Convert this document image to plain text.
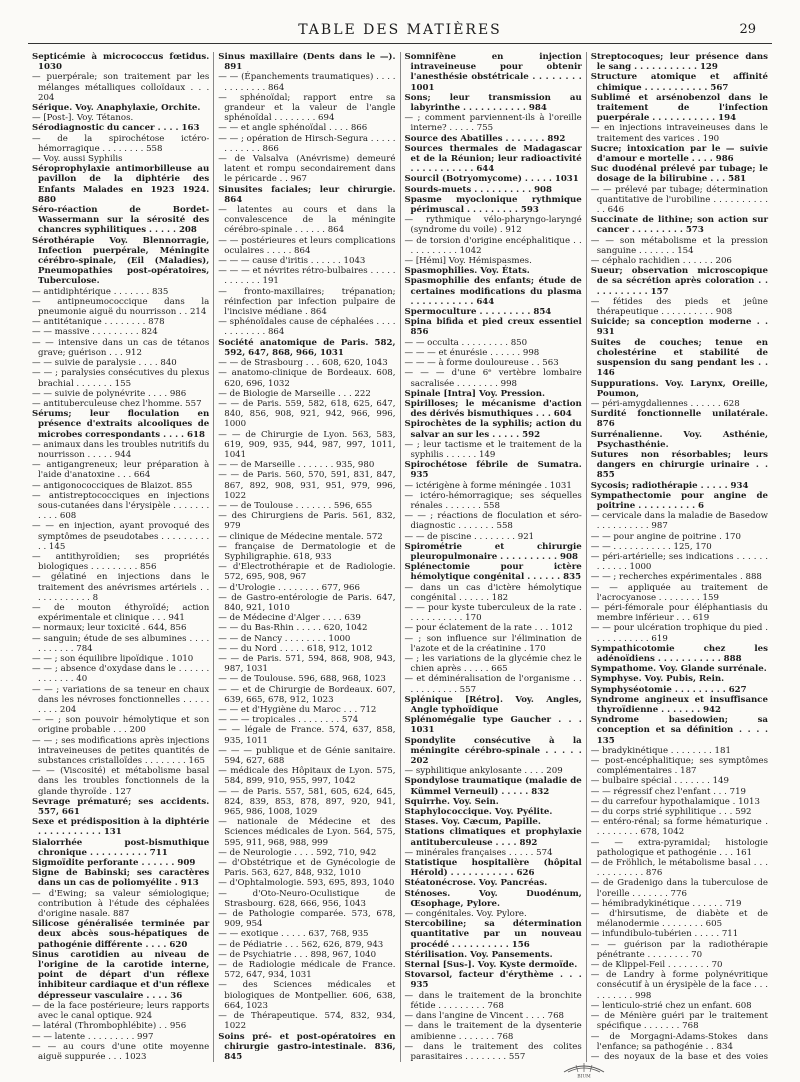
TABLE DES MATIÈRES	29

Septicémie à micrococcus fœtidus. 1030

— puerpérale; son traitement par les mélanges métalliques colloïdaux . . . 204

Sérique. Voy. Anaphylaxie, Orchite.

— [Post-]. Voy. Tétanos.

Sérodiagnostic du cancer . . . . 163

— de la spirochétose ictéro-hémorragique . . . . . . . . 558

— Voy. aussi Syphilis

Séroprophylaxie antimorbilleuse au pavillon de la diphtérie des Enfants Malades en 1923 1924. 880

Séro-réaction de Bordet-Wassermann sur la sérosité des chancres syphilitiques . . . . . 208

Sérothérapie Voy. Blennorragie, Infection puerpérale, Méningite cérébro-spinale, (Eil (Maladies), Pneumopathies post-opératoires, Tuberculose.

— antidiphtérique . . . . . . . 835

— antipneumococcique dans la pneumonie aiguë du nourrisson . . 214

— antitétanique . . . . . . . . 878

— — massive . . . . . . . . . 824

— — intensive dans un cas de tétanos grave; guérison . . . 912

— — suivie de paralysie . . . . 840

— — ; paralysies consécutives du plexus brachial . . . . . . . 155

— — suivie de polynévrite . . . . 986

— antituberculeuse chez l'homme. 557

Sérums; leur floculation en présence d'extraits alcooliques de microbes correspondants . . . . 618

— animaux dans les troubles nutritifs du nourrisson . . . . . 944

— antigangreneux; leur préparation à l'aide d'anatoxine . . . 664

— antigonococciques de Blaizot. 855

— antistreptococciques en injections sous-cutanées dans l'érysipèle . . . . . . . . . . . 608

— — en injection, ayant provoqué des symptômes de pseudotabes . . . . . . . . . . . 145

— antithyroïdien; ses propriétés biologiques . . . . . . . . . 856

— gélatiné en injections dans le traitement des anévrismes artériels . . . . . . . . . . . . 8

— de mouton éthyroïdé; action expérimentale et clinique . . . 941

— normaux; leur toxicité . 644, 856

— sanguin; étude de ses albumines . . . . . . . . . . . 784

— — ; son équilibre lipoïdique . 1010

— — ; absence d'oxydase dans le . . . . . . . . . . . . . 40

— — ; variations de sa teneur en chaux dans les névroses fonctionnelles . . . . . . . . . 204

— — ; son pouvoir hémolytique et son origine probable . . . 200

— — ; ses modifications après injections intraveineuses de petites quantités de substances cristalloïdes . . . . . . . . 165

— — (Viscosité) et métabolisme basal dans les troubles fonctionnels de la glande thyroïde . 127

Sevrage prématuré; ses accidents. 557, 661

Sexe et prédisposition à la diphtérie . . . . . . . . . . . 131

Sialorrhée post-bismuthique chronique . . . . . . . . . . 711

Sigmoïdite perforante . . . . . . 909

Signe de Babinski; ses caractères dans un cas de poliomyélite . 913

— d'Ewing; sa valeur sémiologique; contribution à l'étude des céphalées d'origine nasale. 887

Silicose généralisée terminée par deux abcès sous-hépatiques de pathogénie différente . . . . 620

Sinus carotidien au niveau de l'origine de la carotide interne, point de départ d'un réflexe inhibiteur cardiaque et d'un réflexe dépresseur vasculaire . . . . 36

— de la face postérieure; leurs rapports avec le canal optique. 924

— latéral (Thrombophlébite) . . 956

— — latente . . . . . . . . . 997

— — au cours d'une otite moyenne aiguë suppurée . . . 1023

Sinus maxillaire (Dents dans le —). 891

— — (Épanchements traumatiques) . . . . . . . . . . . . 864

— sphénoïdal; rapport entre sa grandeur et la valeur de l'angle sphénoïdal . . . . . . . . 694

— — et angle sphénoïdal . . . . 866

— — ; opération de Hirsch-Segura . . . . . . . . . . . . 866

— de Valsalva (Anévrisme) demeuré latent et rompu secondairement dans le péricarde . . 967

Sinusites faciales; leur chirurgie. 864

— latentes au cours et dans la convalescence de la méningite cérébro-spinale . . . . . . 864

— — postérieures et leurs complications oculaires . . . . . 864

— — — cause d'iritis . . . . . . 1043

— — — et névrites rétro-bulbaires . . . . . . . . . . . . 191

— fronto-maxillaires; trépanation; réinfection par infection pulpaire de l'incisive médiane . 864

— sphénoïdales cause de céphalées . . . . . . . . . . . . 864

Société anatomique de Paris. 582, 592, 647, 868, 966, 1031

— — de Strasbourg . . . 608, 620, 1043

— anatomo-clinique de Bordeaux. 608, 620, 696, 1032

— de Biologie de Marseille . . . 222

— — de Paris. 559, 582, 618, 625, 647, 840, 856, 908, 921, 942, 966, 996, 1000

— — de Chirurgie de Lyon. 563, 583, 619, 909, 935, 944, 987, 997, 1011, 1041

— — de Marseille . . . . . . . 935, 980

— — de Paris. 560, 570, 591, 831, 847, 867, 892, 908, 931, 951, 979, 996, 1022

— — de Toulouse . . . . . . . 596, 655

— des Chirurgiens de Paris. 561, 832, 979

— clinique de Médecine mentale. 572

— française de Dermatologie et de Syphiligraphie. 618, 933

— d'Electrothérapie et de Radiologie. 572, 695, 908, 967

— d'Urologie . . . . . . . . 677, 966

— de Gastro-entérologie de Paris. 647, 840, 921, 1010

— de Médecine d'Alger . . . . 639

— — du Bas-Rhin . . . . . 620, 1042

— — de Nancy . . . . . . . . 1000

— — du Nord . . . . . 618, 912, 1012

— — de Paris. 571, 594, 868, 908, 943, 987, 1031

— — de Toulouse. 596, 688, 968, 1023

— — et de Chirurgie de Bordeaux. 607, 639, 665, 678, 912, 1023

— — et d'Hygiène du Maroc . . . 712

— — — tropicales . . . . . . . . 574

— — légale de France. 574, 637, 858, 935, 1011

— — — publique et de Génie sanitaire. 594, 627, 688

— médicale des Hôpitaux de Lyon. 575, 584, 899, 910, 955, 997, 1042

— — de Paris. 557, 581, 605, 624, 645, 824, 839, 853, 878, 897, 920, 941, 965, 986, 1008, 1029

— nationale de Médecine et des Sciences médicales de Lyon. 564, 575, 595, 911, 968, 988, 999

— de Neurologie . . . . 592, 710, 942

— d'Obstétrique et de Gynécologie de Paris. 563, 627, 848, 932, 1010

— d'Ophtalmologie. 593, 695, 893, 1040

— d'Oto-Neuro-Oculistique de Strasbourg. 628, 666, 956, 1043

— de Pathologie comparée. 573, 678, 909, 954

— — exotique . . . . . 637, 768, 935

— de Pédiatrie . . . 562, 626, 879, 943

— de Psychiatrie . . . 898, 967, 1040

— de Radiologie médicale de France. 572, 647, 934, 1031

— des Sciences médicales et biologiques de Montpellier. 606, 638, 664, 1023

— de Thérapeutique. 574, 832, 934, 1022

Soins pré- et post-opératoires en chirurgie gastro-intestinale. 836, 845

Somnifène en injection intraveineuse pour obtenir l'anesthésie obstétricale . . . . . . . . 1001

Sons; leur transmission au labyrinthe . . . . . . . . . . . 984

— ; comment parviennent-ils à l'oreille interne? . . . . . 755

Source des Abatilles . . . . . . . 892

Sources thermales de Madagascar et de la Réunion; leur radioactivité . . . . . . . . . . . 644

Sourcil (Botryomycome) . . . . . 1031

Sourds-muets . . . . . . . . . . 908

Spasme myoclonique rythmique périmuscal . . . . . . . . . 593

— rythmique vélo-pharyngo-laryngé (syndrome du voile) . 912

— de torsion d'origine encéphalitique . . . . . . . . . . . 1042

— [Hémi] Voy. Hémispasmes.

Spasmophilies. Voy. États.

Spasmophilie des enfants; étude de certaines modifications du plasma . . . . . . . . . . . 644

Spermoculture . . . . . . . . . 854

Spina bifida et pied creux essentiel 856

— — occulta . . . . . . . . . 850

— — — et énurésie . . . . . . 998

— — — à forme douloureuse . . 563

— — — d'une 6ᵉ vertèbre lombaire sacralisée . . . . . . . . 998

Spinale [Intra] Voy. Pression.

Spirilloses; le mécanisme d'action des dérivés bismuthiques . . . 604

Spirochètes de la syphilis; action du salvar an sur les . . . . . 592

— ; leur tactisme et le traitement de la syphilis . . . . . . 149

Spirochétose fébrile de Sumatra. 935

— ictérigène à forme méningée . 1031

— ictéro-hémorragique; ses séquelles rénales . . . . . . . 558

— — ; réactions de floculation et séro-diagnostic . . . . . . . 558

— — de piscine . . . . . . . . 921

Spirométrie et chirurgie pleuropulmonaire . . . . . . . . . . 908

Splénectomie pour ictère hémolytique congénital . . . . . . 835

— dans un cas d'ictère hémolytique congénital . . . . . . 182

— — pour kyste tuberculeux de la rate . . . . . . . . . . . 170

— pour éclatement de la rate . . . 1012

— ; son influence sur l'élimination de l'azote et de la créatinine . 170

— ; les variations de la glycémie chez le chien après . . . . . 665

— et déminéralisation de l'organisme . . . . . . . . . . . 557

Splénique [Rétro]. Voy. Angles, Angle typhoïdique

Splénomégalie type Gaucher . . . 1031

Spondylite consécutive à la méningite cérébro-spinale . . . . . 202

— syphilitique ankylosante . . . . 209

Spondylose traumatique (maladie de Kümmel Verneuil) . . . . . 832

Squirrhe. Voy. Sein.

Staphylococcique. Voy. Pyélite.

Stases. Voy. Cæcum, Papille.

Stations climatiques et prophylaxie antituberculeuse . . . . 892

— minérales françaises . . . . . 574

Statistique hospitalière (hôpital Hérold) . . . . . . . . . . . 626

Stéatonécrose. Voy. Pancréas.

Sténoses. Voy. Duodénum, Œsophage, Pylore.

— congénitales. Voy. Pylore.

Stercobiline; sa détermination quantitative par un nouveau procédé . . . . . . . . . . 156

Stérilisation. Voy. Pansements.

Sternal [Sus-]. Voy. Kyste dermoïde.

Stovarsol, facteur d'érythème . . . 935

— dans le traitement de la bronchite fétide . . . . . . . . . 768

— dans l'angine de Vincent . . . . 768

— dans le traitement de la dysenterie amibienne . . . . . . . 768

— dans le traitement des colites parasitaires . . . . . . . . 557

Streptocoques; leur présence dans le sang . . . . . . . . . . . 129

Structure atomique et affinité chimique . . . . . . . . . . . 567

Sublimé et arsénobenzol dans le traitement de l'infection puerpérale . . . . . . . . . . . 194

— en injections intraveineuses dans le traitement des varices . 190

Sucre; intoxication par le — suivie d'amour e mortelle . . . . 986

Suc duodénal prélevé par tubage; le dosage de la bilirubine . . . 581

— — prélevé par tubage; détermination quantitative de l'urobiline . . . . . . . . . . . . 646

Succinate de lithine; son action sur cancer . . . . . . . . . 573

— — son métabolisme et la pression sanguine . . . . . . . 154

— céphalo rachidien . . . . . . 206

Sueur; observation microscopique de sa sécrétion après coloration . . . . . . . . . . . 157

— fétides des pieds et jeûne thérapeutique . . . . . . . . . . 908

Suicide; sa conception moderne . . 931

Suites de couches; tenue en cholestérine et stabilité de suspension du sang pendant les . . 146

Suppurations. Voy. Larynx, Oreille, Poumon,

— péri-amygdaliennes . . . . . . 628

Surdité fonctionnelle unilatérale. 876

Surrénalienne. Voy. Asthénie, Psychasthénie.

Sutures non résorbables; leurs dangers en chirurgie urinaire . . 855

Sycosis; radiothérapie . . . . . 934

Sympathectomie pour angine de poitrine . . . . . . . . . . 6

— cervicale dans la maladie de Basedow . . . . . . . . . . 987

— — pour angine de poitrine . 170

— — . . . . . . . . . . . 125, 170

— péri-artérielle; ses indications . . . . . . . . . . . . 1000

— — ; recherches expérimentales . 888

— — appliquée au traitement de l'acrocyanose . . . . . . . . 159

— péri-fémorale pour éléphantiasis du membre inférieur . . . 619

— — pour ulcération trophique du pied . . . . . . . . . . . 619

Sympathicotomie chez les adénoïdiens . . . . . . . . . . . 888

Sympathome. Voy. Glande surrénale.

Symphyse. Voy. Pubis, Rein.

Symphyséotomie . . . . . . . . . 627

Syndrome angineux et insuffisance thyroïdienne . . . . . . . 942

Syndrome basedowien; sa conception et sa définition . . . . 135

— bradykinétique . . . . . . . . 181

— post-encéphalitique; ses symptômes complémentaires . 187

— bulbaire spécial . . . . . . . 149

— — régressif chez l'enfant . . . 719

— du carrefour hypothalamique . 1013

— du corps strié syphilitique . . . 592

— entéro-rénal; sa forme hématurique . . . . . . . . . 678, 1042

— — extra-pyramidal; histologie pathologique et pathogénie . . . 161

— de Fröhlich, le métabolisme basal . . . . . . . . . . . . 876

— de Gradenigo dans la tuberculose de l'oreille . . . . . . . 776

— hémibradykinétique . . . . . . 719

— d'hirsutisme, de diabète et de mélanodermie . . . . . . . . 605

— infundibulo-tubérien . . . . . 711

— — guérison par la radiothérapie pénétrante . . . . . . . . 70

— de Klippel-Feil . . . . . . . . 70

— de Landry à forme polynévritique consécutif à un érysipèle de la face . . . . . . . . . . 998

— lenticulo-strié chez un enfant. 608

— de Ménière guéri par le traitement spécifique . . . . . . . 768

— de Morgagni-Adams-Stokes dans l'enfance; sa pathogénie . . 834

— des noyaux de la base et des voies

BIUM
